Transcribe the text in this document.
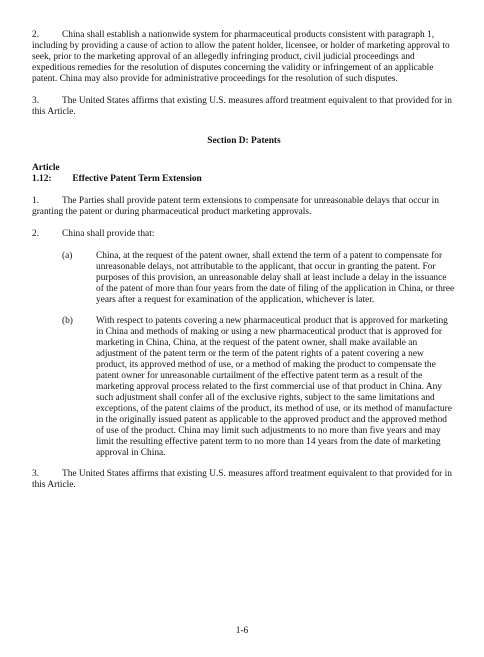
2. China shall establish a nationwide system for pharmaceutical products consistent with paragraph 1, including by providing a cause of action to allow the patent holder, licensee, or holder of marketing approval to seek, prior to the marketing approval of an allegedly infringing product, civil judicial proceedings and expeditious remedies for the resolution of disputes concerning the validity or infringement of an applicable patent. China may also provide for administrative proceedings for the resolution of such disputes.

3. The United States affirms that existing U.S. measures afford treatment equivalent to that provided for in this Article.

Section D: Patents
Article 1.12: Effective Patent Term Extension

1. The Parties shall provide patent term extensions to compensate for unreasonable delays that occur in granting the patent or during pharmaceutical product marketing approvals.

2. China shall provide that:

(a)	China, at the request of the patent owner, shall extend the term of a patent to compensate for unreasonable delays, not attributable to the applicant, that occur in granting the patent. For purposes of this provision, an unreasonable delay shall at least include a delay in the issuance of the patent of more than four years from the date of filing of the application in China, or three years after a request for examination of the application, whichever is later.
(b)	With respect to patents covering a new pharmaceutical product that is approved for marketing in China and methods of making or using a new pharmaceutical product that is approved for marketing in China, China, at the request of the patent owner, shall make available an adjustment of the patent term or the term of the patent rights of a patent covering a new product, its approved method of use, or a method of making the product to compensate the patent owner for unreasonable curtailment of the effective patent term as a result of the marketing approval process related to the first commercial use of that product in China. Any such adjustment shall confer all of the exclusive rights, subject to the same limitations and exceptions, of the patent claims of the product, its method of use, or its method of manufacture in the originally issued patent as applicable to the approved product and the approved method of use of the product. China may limit such adjustments to no more than five years and may limit the resulting effective patent term to no more than 14 years from the date of marketing approval in China.

3. The United States affirms that existing U.S. measures afford treatment equivalent to that provided for in this Article.

1-6
